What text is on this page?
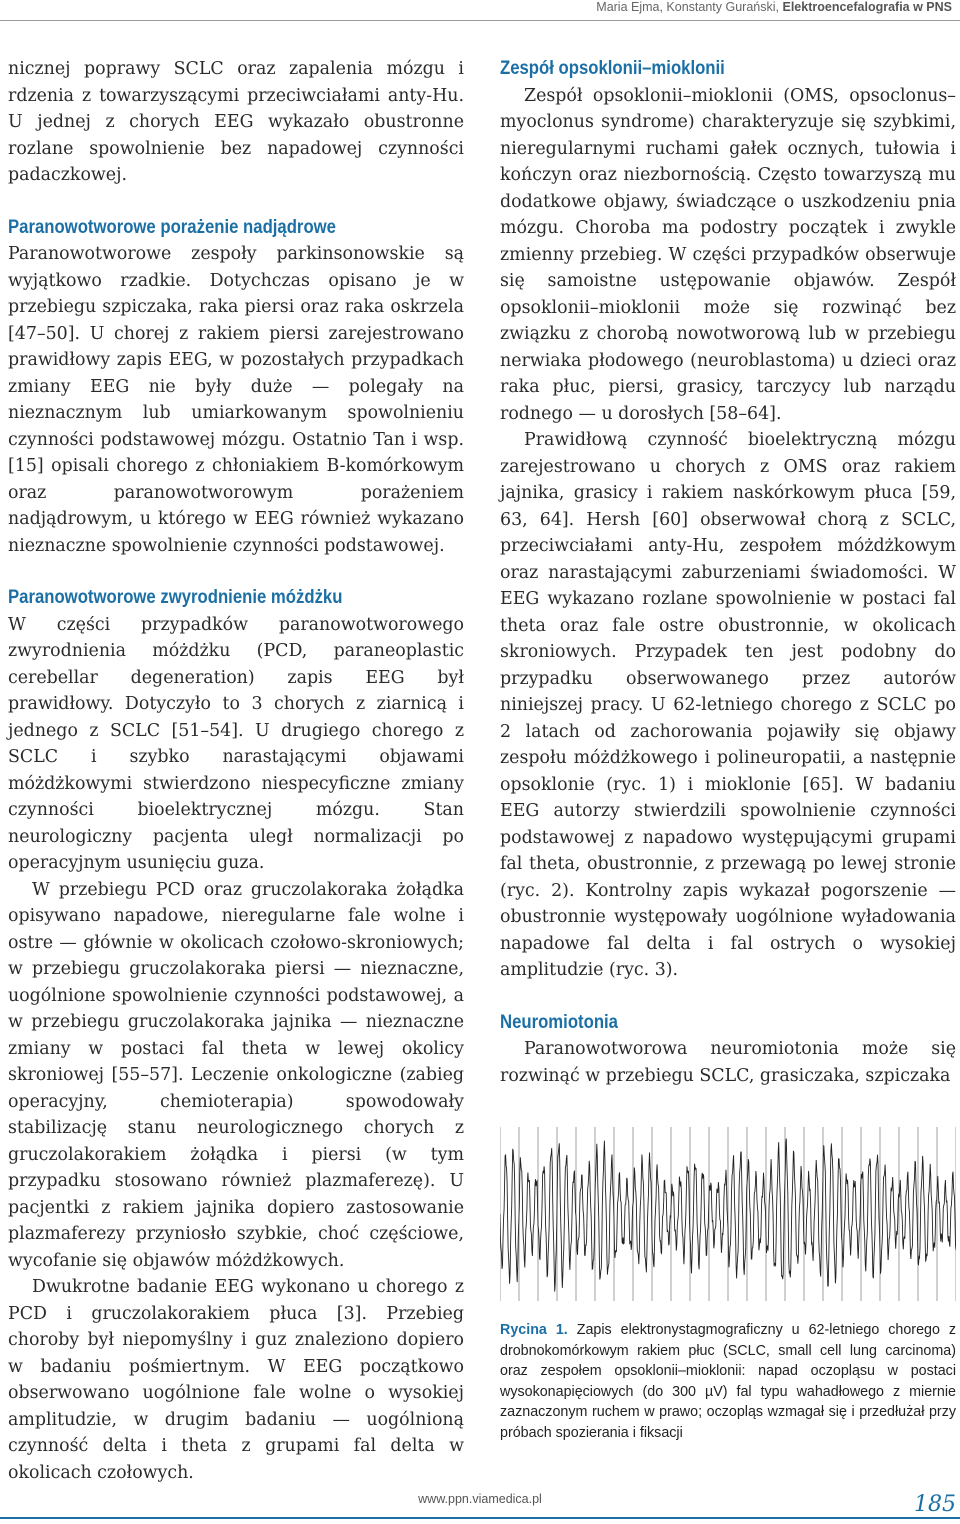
Maria Ejma, Konstanty Gurański, Elektroencefalografia w PNS

nicznej poprawy SCLC oraz zapalenia mózgu i rdzenia z towarzyszącymi przeciwciałami anty-Hu. U jednej z chorych EEG wykazało obustronne rozlane spowolnienie bez napadowej czynności padaczkowej.

Paranowotworowe porażenie nadjądrowe

Paranowotworowe zespoły parkinsonowskie są wyjątkowo rzadkie. Dotychczas opisano je w przebiegu szpiczaka, raka piersi oraz raka oskrzela [47–50]. U chorej z rakiem piersi zarejestrowano prawidłowy zapis EEG, w pozostałych przypadkach zmiany EEG nie były duże — polegały na nieznacznym lub umiarkowanym spowolnieniu czynności podstawowej mózgu. Ostatnio Tan i wsp. [15] opisali chorego z chłoniakiem B-komórkowym oraz paranowotworowym porażeniem nadjądrowym, u którego w EEG również wykazano nieznaczne spowolnienie czynności podstawowej.

Paranowotworowe zwyrodnienie móżdżku

W części przypadków paranowotworowego zwyrodnienia móżdżku (PCD, paraneoplastic cerebellar degeneration) zapis EEG był prawidłowy. Dotyczyło to 3 chorych z ziarnicą i jednego z SCLC [51–54]. U drugiego chorego z SCLC i szybko narastającymi objawami móżdżkowymi stwierdzono niespecyficzne zmiany czynności bioelektrycznej mózgu. Stan neurologiczny pacjenta uległ normalizacji po operacyjnym usunięciu guza.

W przebiegu PCD oraz gruczolakoraka żołądka opisywano napadowe, nieregularne fale wolne i ostre — głównie w okolicach czołowo-skroniowych; w przebiegu gruczolakoraka piersi — nieznaczne, uogólnione spowolnienie czynności podstawowej, a w przebiegu gruczolakoraka jajnika — nieznaczne zmiany w postaci fal theta w lewej okolicy skroniowej [55–57]. Leczenie onkologiczne (zabieg operacyjny, chemioterapia) spowodowały stabilizację stanu neurologicznego chorych z gruczolakorakiem żołądka i piersi (w tym przypadku stosowano również plazmaferezę). U pacjentki z rakiem jajnika dopiero zastosowanie plazmaferezy przyniosło szybkie, choć częściowe, wycofanie się objawów móżdżkowych.

Dwukrotne badanie EEG wykonano u chorego z PCD i gruczolakorakiem płuca [3]. Przebieg choroby był niepomyślny i guz znaleziono dopiero w badaniu pośmiertnym. W EEG początkowo obserwowano uogólnione fale wolne o wysokiej amplitudzie, w drugim badaniu — uogólnioną czynność delta i theta z grupami fal delta w okolicach czołowych.

Zespół opsoklonii–mioklonii

Zespół opsoklonii–mioklonii (OMS, opsoclonus–myoclonus syndrome) charakteryzuje się szybkimi, nieregularnymi ruchami gałek ocznych, tułowia i kończyn oraz niezbornością. Często towarzyszą mu dodatkowe objawy, świadczące o uszkodzeniu pnia mózgu. Choroba ma podostry początek i zwykle zmienny przebieg. W części przypadków obserwuje się samoistne ustępowanie objawów. Zespół opsoklonii–mioklonii może się rozwinąć bez związku z chorobą nowotworową lub w przebiegu nerwiaka płodowego (neuroblastoma) u dzieci oraz raka płuc, piersi, grasicy, tarczycy lub narządu rodnego — u dorosłych [58–64].

Prawidłową czynność bioelektryczną mózgu zarejestrowano u chorych z OMS oraz rakiem jajnika, grasicy i rakiem naskórkowym płuca [59, 63, 64]. Hersh [60] obserwował chorą z SCLC, przeciwciałami anty-Hu, zespołem móżdżkowym oraz narastającymi zaburzeniami świadomości. W EEG wykazano rozlane spowolnienie w postaci fal theta oraz fale ostre obustronnie, w okolicach skroniowych. Przypadek ten jest podobny do przypadku obserwowanego przez autorów niniejszej pracy. U 62-letniego chorego z SCLC po 2 latach od zachorowania pojawiły się objawy zespołu móżdżkowego i polineuropatii, a następnie opsoklonie (ryc. 1) i mioklonie [65]. W badaniu EEG autorzy stwierdzili spowolnienie czynności podstawowej z napadowo występującymi grupami fal theta, obustronnie, z przewagą po lewej stronie (ryc. 2). Kontrolny zapis wykazał pogorszenie — obustronnie występowały uogólnione wyładowania napadowe fal delta i fal ostrych o wysokiej amplitudzie (ryc. 3).

Neuromiotonia

Paranowotworowa neuromiotonia może się rozwinąć w przebiegu SCLC, grasiczaka, szpiczaka

Rycina 1. Zapis elektronystagmograficzny u 62-letniego chorego z drobnokomórkowym rakiem płuc (SCLC, small cell lung carcinoma) oraz zespołem opsoklonii–mioklonii: napad oczopląsu w postaci wysokonapięciowych (do 300 µV) fal typu wahadłowego z miernie zaznaczonym ruchem w prawo; oczopląs wzmagał się i przedłużał przy próbach spozierania i fiksacji
www.ppn.viamedica.pl	185
